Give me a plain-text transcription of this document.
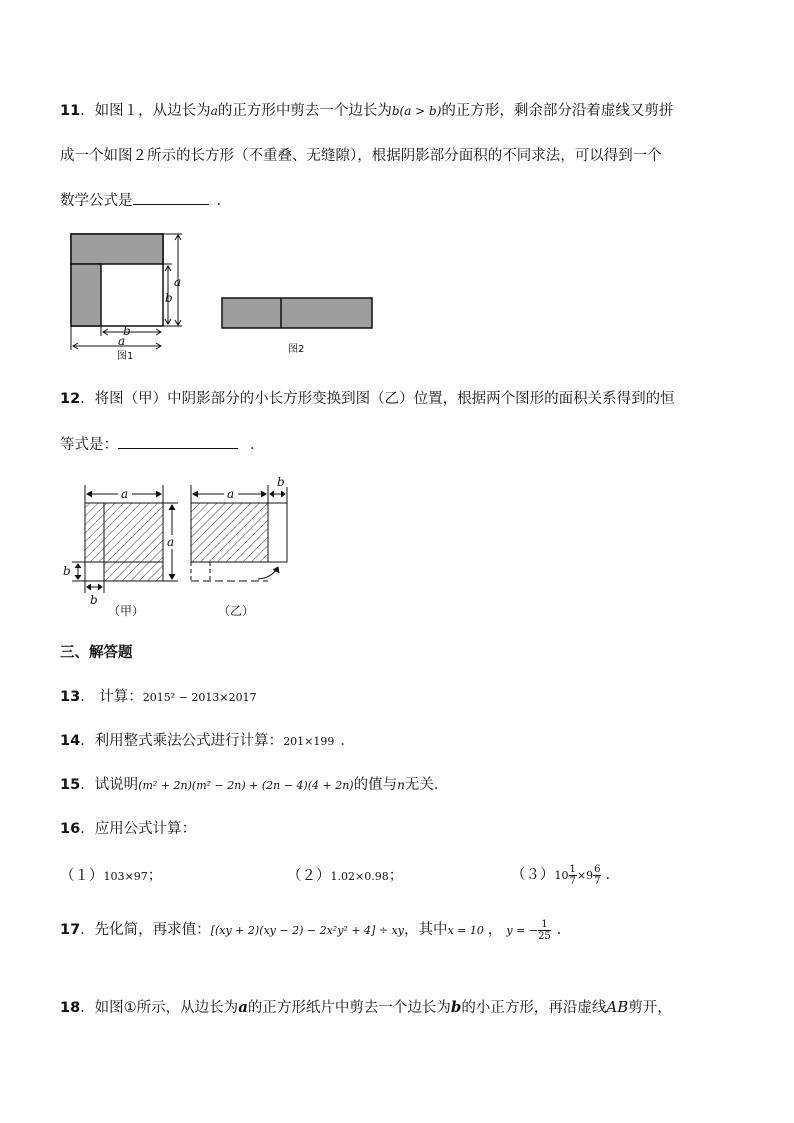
11．如图１，从边长为a的正方形中剪去一个边长为b(a > b)的正方形，剩余部分沿着虚线又剪拼
成一个如图２所示的长方形（不重叠、无缝隙），根据阴影部分面积的不同求法，可以得到一个
数学公式是	．
a
b
b
a
图1
图2
12．将图（甲）中阴影部分的小长方形变换到图（乙）位置，根据两个图形的面积关系得到的恒
等式是：	．
a
a
b
b
（甲）
a
b
（乙）
三、解答题
13． 计算：2015² − 2013×2017
14．利用整式乘法公式进行计算：201×199 ．
15．试说明(m² + 2n)(m² − 2n) + (2n − 4)(4 + 2n)的值与n无关．
16．应用公式计算：
（１）103×97；	（２）1.02×0.98；	$(3)10 \frac{1}{7} \times 9 \frac{6}{7}$ ．
17．先化简，再求值：[(xy + 2)(xy − 2) − 2x²y² + 4] ÷ xy，其中x = 10 ， y = − $\frac{1}{25}$ ．
18．如图①所示，从边长为a的正方形纸片中剪去一个边长为b的小正方形，再沿虚线AB剪开，
